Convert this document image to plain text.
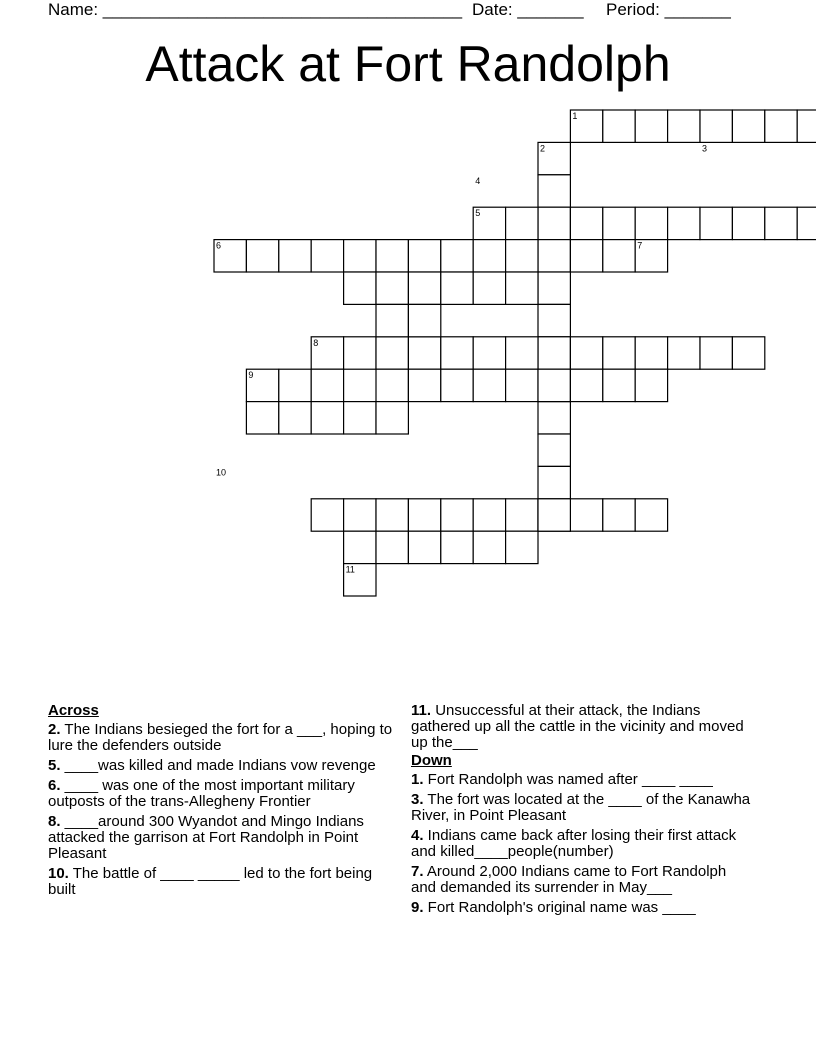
Name: ______________________________________ Date: _______ Period: _______
Attack at Fort Randolph
1
2	3
4
5
6	7
8
9
10
11
Across
2. The Indians besieged the fort for a ___, hoping to lure the defenders outside
5. ____was killed and made Indians vow revenge
6. ____ was one of the most important military outposts of the trans-Allegheny Frontier
8. ____around 300 Wyandot and Mingo Indians attacked the garrison at Fort Randolph in Point Pleasant
10. The battle of ____ _____ led to the fort being built
11. Unsuccessful at their attack, the Indians gathered up all the cattle in the vicinity and moved up the___
Down
1. Fort Randolph was named after ____ ____
3. The fort was located at the ____ of the Kanawha River, in Point Pleasant
4. Indians came back after losing their first attack and killed____people(number)
7. Around 2,000 Indians came to Fort Randolph and demanded its surrender in May___
9. Fort Randolph's original name was ____
